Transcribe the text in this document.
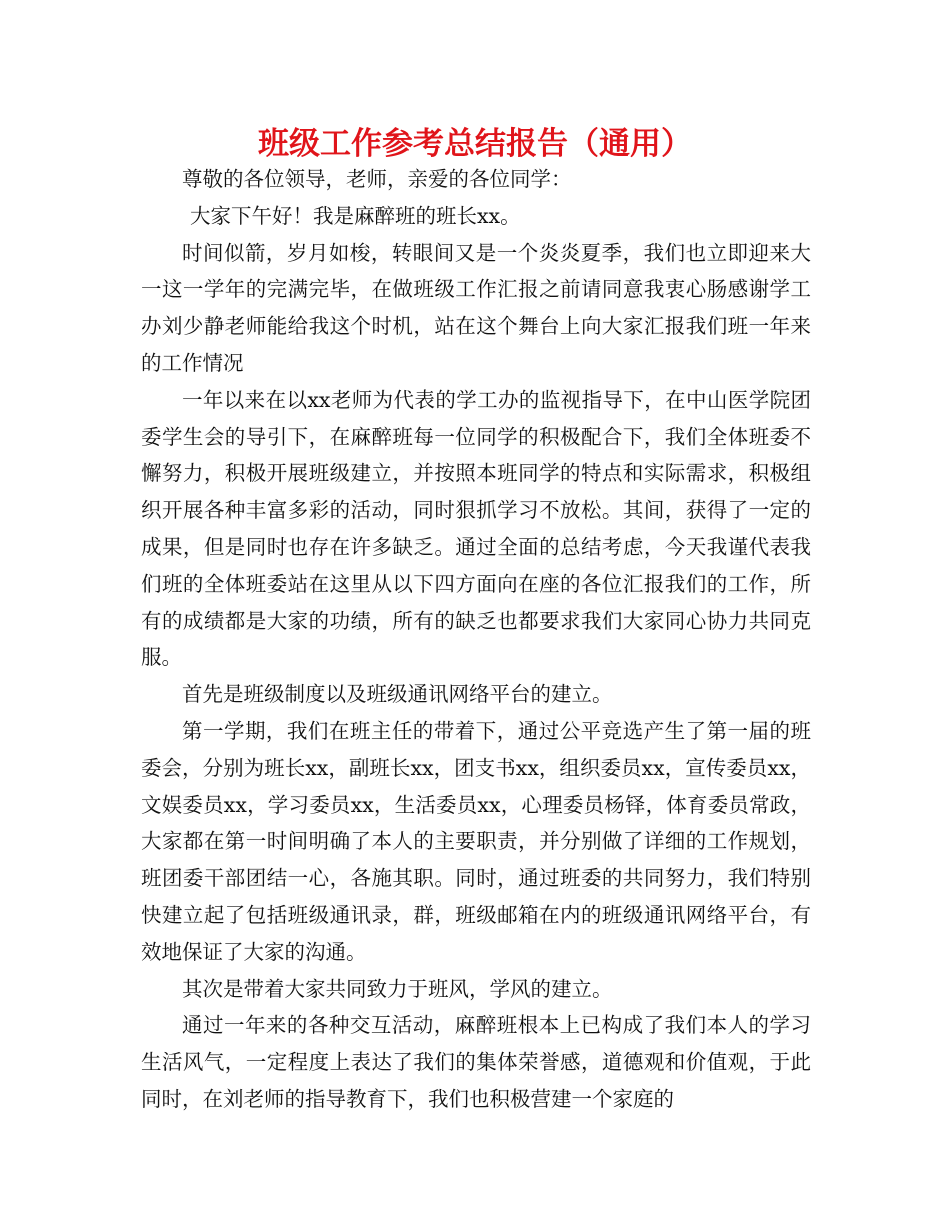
班级工作参考总结报告（通用）

尊敬的各位领导，老师，亲爱的各位同学：

大家下午好！我是麻醉班的班长xx。

时间似箭，岁月如梭，转眼间又是一个炎炎夏季，我们也立即迎来大一这一学年的完满完毕，在做班级工作汇报之前请同意我衷心肠感谢学工办刘少静老师能给我这个时机，站在这个舞台上向大家汇报我们班一年来的工作情况

一年以来在以xx老师为代表的学工办的监视指导下，在中山医学院团委学生会的导引下，在麻醉班每一位同学的积极配合下，我们全体班委不懈努力，积极开展班级建立，并按照本班同学的特点和实际需求，积极组织开展各种丰富多彩的活动，同时狠抓学习不放松。其间，获得了一定的成果，但是同时也存在许多缺乏。通过全面的总结考虑，今天我谨代表我们班的全体班委站在这里从以下四方面向在座的各位汇报我们的工作，所有的成绩都是大家的功绩，所有的缺乏也都要求我们大家同心协力共同克服。

首先是班级制度以及班级通讯网络平台的建立。

第一学期，我们在班主任的带着下，通过公平竞选产生了第一届的班委会，分别为班长xx，副班长xx，团支书xx，组织委员xx，宣传委员xx，文娱委员xx，学习委员xx，生活委员xx，心理委员杨铎，体育委员常政，大家都在第一时间明确了本人的主要职责，并分别做了详细的工作规划，班团委干部团结一心，各施其职。同时，通过班委的共同努力，我们特别快建立起了包括班级通讯录，群，班级邮箱在内的班级通讯网络平台，有效地保证了大家的沟通。

其次是带着大家共同致力于班风，学风的建立。

通过一年来的各种交互活动，麻醉班根本上已构成了我们本人的学习生活风气，一定程度上表达了我们的集体荣誉感，道德观和价值观，于此同时，在刘老师的指导教育下，我们也积极营建一个家庭的
